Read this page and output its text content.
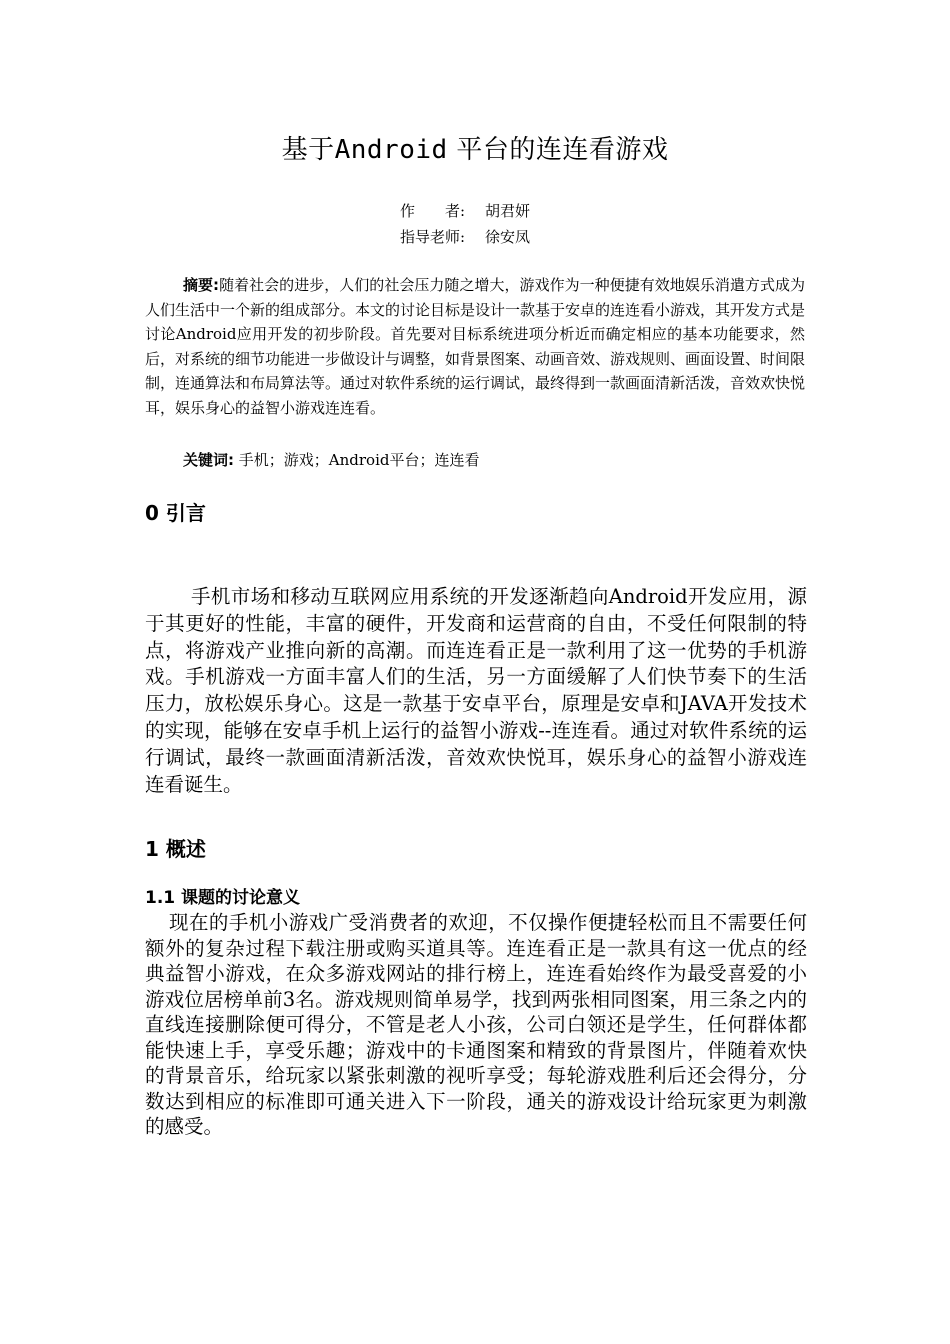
基于Android 平台的连连看游戏
作　　者: 胡君妍
指导老师: 徐安凤
摘要:随着社会的进步，人们的社会压力随之增大，游戏作为一种便捷有效地娱乐消遣方式成为人们生活中一个新的组成部分。本文的讨论目标是设计一款基于安卓的连连看小游戏，其开发方式是讨论Android应用开发的初步阶段。首先要对目标系统进项分析近而确定相应的基本功能要求，然后，对系统的细节功能进一步做设计与调整，如背景图案、动画音效、游戏规则、画面设置、时间限制，连通算法和布局算法等。通过对软件系统的运行调试，最终得到一款画面清新活泼，音效欢快悦耳，娱乐身心的益智小游戏连连看。
关键词: 手机；游戏；Android平台；连连看
0 引言
手机市场和移动互联网应用系统的开发逐渐趋向Android开发应用，源于其更好的性能，丰富的硬件，开发商和运营商的自由，不受任何限制的特点，将游戏产业推向新的高潮。而连连看正是一款利用了这一优势的手机游戏。手机游戏一方面丰富人们的生活，另一方面缓解了人们快节奏下的生活压力，放松娱乐身心。这是一款基于安卓平台，原理是安卓和JAVA开发技术的实现，能够在安卓手机上运行的益智小游戏--连连看。通过对软件系统的运行调试，最终一款画面清新活泼，音效欢快悦耳，娱乐身心的益智小游戏连连看诞生。
1 概述
1.1 课题的讨论意义
现在的手机小游戏广受消费者的欢迎，不仅操作便捷轻松而且不需要任何额外的复杂过程下载注册或购买道具等。连连看正是一款具有这一优点的经典益智小游戏，在众多游戏网站的排行榜上，连连看始终作为最受喜爱的小游戏位居榜单前3名。游戏规则简单易学，找到两张相同图案，用三条之内的直线连接删除便可得分，不管是老人小孩，公司白领还是学生，任何群体都能快速上手，享受乐趣；游戏中的卡通图案和精致的背景图片，伴随着欢快的背景音乐，给玩家以紧张刺激的视听享受；每轮游戏胜利后还会得分，分数达到相应的标准即可通关进入下一阶段，通关的游戏设计给玩家更为刺激的感受。
